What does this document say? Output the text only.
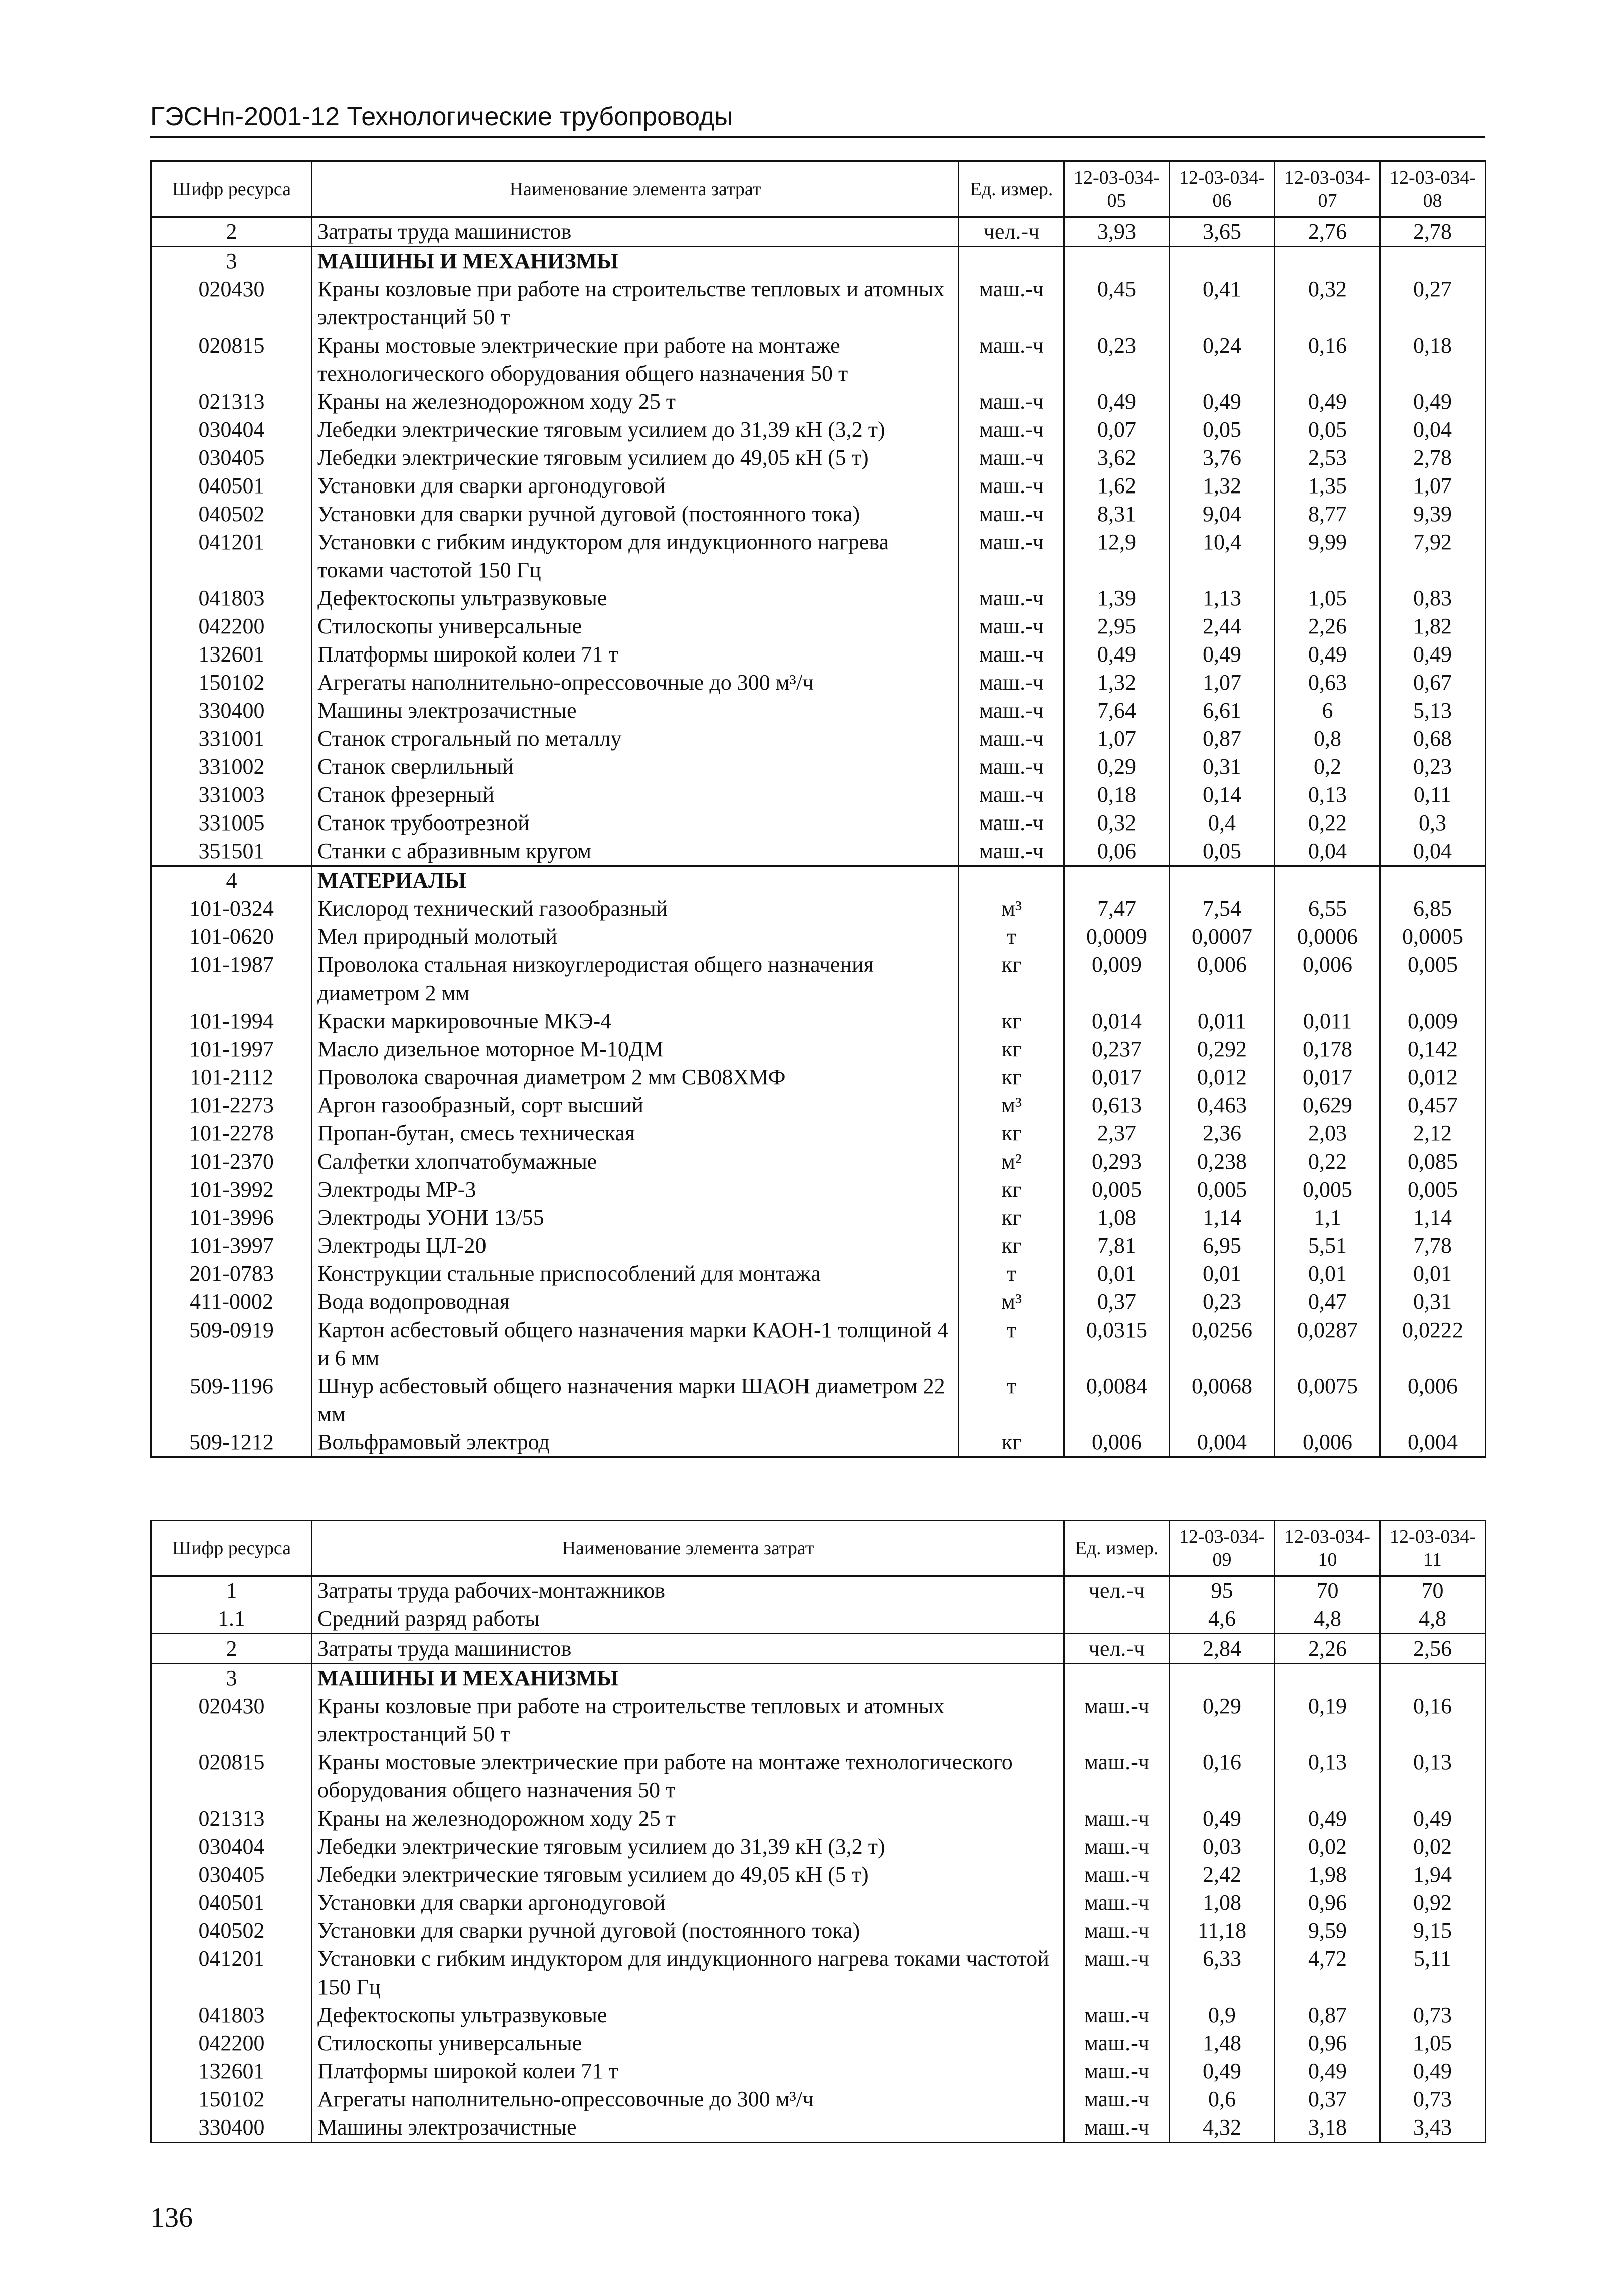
ГЭСНп-2001-12 Технологические трубопроводы
Шифр ресурса	Наименование элемента затрат	Ед. измер.	12-03-034-05	12-03-034-06	12-03-034-07	12-03-034-08
2	Затраты труда машинистов	чел.-ч	3,93	3,65	2,76	2,78
3	МАШИНЫ И МЕХАНИЗМЫ					
020430	Краны козловые при работе на строительстве тепловых и атомных электростанций 50 т	маш.-ч	0,45	0,41	0,32	0,27
020815	Краны мостовые электрические при работе на монтаже технологического оборудования общего назначения 50 т	маш.-ч	0,23	0,24	0,16	0,18
021313	Краны на железнодорожном ходу 25 т	маш.-ч	0,49	0,49	0,49	0,49
030404	Лебедки электрические тяговым усилием до 31,39 кН (3,2 т)	маш.-ч	0,07	0,05	0,05	0,04
030405	Лебедки электрические тяговым усилием до 49,05 кН (5 т)	маш.-ч	3,62	3,76	2,53	2,78
040501	Установки для сварки аргонодуговой	маш.-ч	1,62	1,32	1,35	1,07
040502	Установки для сварки ручной дуговой (постоянного тока)	маш.-ч	8,31	9,04	8,77	9,39
041201	Установки с гибким индуктором для индукционного нагрева токами частотой 150 Гц	маш.-ч	12,9	10,4	9,99	7,92
041803	Дефектоскопы ультразвуковые	маш.-ч	1,39	1,13	1,05	0,83
042200	Стилоскопы универсальные	маш.-ч	2,95	2,44	2,26	1,82
132601	Платформы широкой колеи 71 т	маш.-ч	0,49	0,49	0,49	0,49
150102	Агрегаты наполнительно-опрессовочные до 300 м³/ч	маш.-ч	1,32	1,07	0,63	0,67
330400	Машины электрозачистные	маш.-ч	7,64	6,61	6	5,13
331001	Станок строгальный по металлу	маш.-ч	1,07	0,87	0,8	0,68
331002	Станок сверлильный	маш.-ч	0,29	0,31	0,2	0,23
331003	Станок фрезерный	маш.-ч	0,18	0,14	0,13	0,11
331005	Станок трубоотрезной	маш.-ч	0,32	0,4	0,22	0,3
351501	Станки с абразивным кругом	маш.-ч	0,06	0,05	0,04	0,04
4	МАТЕРИАЛЫ					
101-0324	Кислород технический газообразный	м³	7,47	7,54	6,55	6,85
101-0620	Мел природный молотый	т	0,0009	0,0007	0,0006	0,0005
101-1987	Проволока стальная низкоуглеродистая общего назначения диаметром 2 мм	кг	0,009	0,006	0,006	0,005
101-1994	Краски маркировочные МКЭ-4	кг	0,014	0,011	0,011	0,009
101-1997	Масло дизельное моторное М-10ДМ	кг	0,237	0,292	0,178	0,142
101-2112	Проволока сварочная диаметром 2 мм СВ08ХМФ	кг	0,017	0,012	0,017	0,012
101-2273	Аргон газообразный, сорт высший	м³	0,613	0,463	0,629	0,457
101-2278	Пропан-бутан, смесь техническая	кг	2,37	2,36	2,03	2,12
101-2370	Салфетки хлопчатобумажные	м²	0,293	0,238	0,22	0,085
101-3992	Электроды МР-3	кг	0,005	0,005	0,005	0,005
101-3996	Электроды УОНИ 13/55	кг	1,08	1,14	1,1	1,14
101-3997	Электроды ЦЛ-20	кг	7,81	6,95	5,51	7,78
201-0783	Конструкции стальные приспособлений для монтажа	т	0,01	0,01	0,01	0,01
411-0002	Вода водопроводная	м³	0,37	0,23	0,47	0,31
509-0919	Картон асбестовый общего назначения марки КАОН-1 толщиной 4 и 6 мм	т	0,0315	0,0256	0,0287	0,0222
509-1196	Шнур асбестовый общего назначения марки ШАОН диаметром 22 мм	т	0,0084	0,0068	0,0075	0,006
509-1212	Вольфрамовый электрод	кг	0,006	0,004	0,006	0,004
Шифр ресурса	Наименование элемента затрат	Ед. измер.	12-03-034-09	12-03-034-10	12-03-034-11
1	Затраты труда рабочих-монтажников	чел.-ч	95	70	70
1.1	Средний разряд работы		4,6	4,8	4,8
2	Затраты труда машинистов	чел.-ч	2,84	2,26	2,56
3	МАШИНЫ И МЕХАНИЗМЫ				
020430	Краны козловые при работе на строительстве тепловых и атомных электростанций 50 т	маш.-ч	0,29	0,19	0,16
020815	Краны мостовые электрические при работе на монтаже технологического оборудования общего назначения 50 т	маш.-ч	0,16	0,13	0,13
021313	Краны на железнодорожном ходу 25 т	маш.-ч	0,49	0,49	0,49
030404	Лебедки электрические тяговым усилием до 31,39 кН (3,2 т)	маш.-ч	0,03	0,02	0,02
030405	Лебедки электрические тяговым усилием до 49,05 кН (5 т)	маш.-ч	2,42	1,98	1,94
040501	Установки для сварки аргонодуговой	маш.-ч	1,08	0,96	0,92
040502	Установки для сварки ручной дуговой (постоянного тока)	маш.-ч	11,18	9,59	9,15
041201	Установки с гибким индуктором для индукционного нагрева токами частотой 150 Гц	маш.-ч	6,33	4,72	5,11
041803	Дефектоскопы ультразвуковые	маш.-ч	0,9	0,87	0,73
042200	Стилоскопы универсальные	маш.-ч	1,48	0,96	1,05
132601	Платформы широкой колеи 71 т	маш.-ч	0,49	0,49	0,49
150102	Агрегаты наполнительно-опрессовочные до 300 м³/ч	маш.-ч	0,6	0,37	0,73
330400	Машины электрозачистные	маш.-ч	4,32	3,18	3,43
136
